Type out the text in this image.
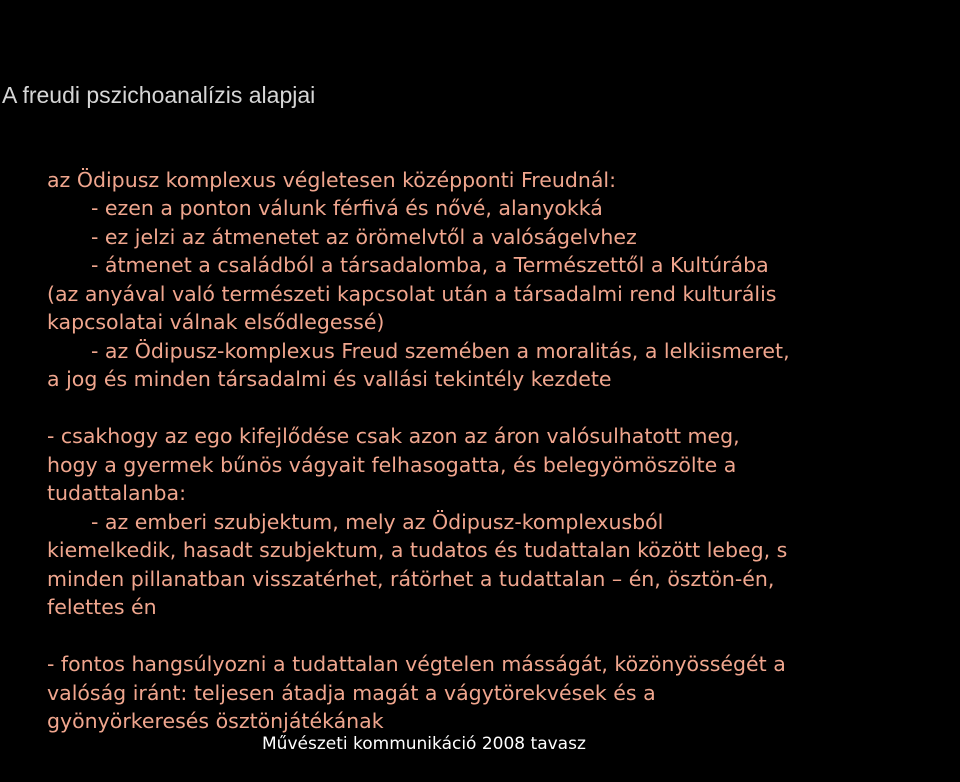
A freudi pszichoanalízis alapjai
az Ödipusz komplexus végletesen középponti Freudnál:
- ezen a ponton válunk férfivá és nővé, alanyokká
- ez jelzi az átmenetet az örömelvtől a valóságelvhez
- átmenet a családból a társadalomba, a Természettől a Kultúrába
(az anyával való természeti kapcsolat után a társadalmi rend kulturális
kapcsolatai válnak elsődlegessé)
- az Ödipusz-komplexus Freud szemében a moralitás, a lelkiismeret,
a jog és minden társadalmi és vallási tekintély kezdete
- csakhogy az ego kifejlődése csak azon az áron valósulhatott meg,
hogy a gyermek bűnös vágyait felhasogatta, és belegyömöszölte a
tudattalanba:
- az emberi szubjektum, mely az Ödipusz-komplexusból
kiemelkedik, hasadt szubjektum, a tudatos és tudattalan között lebeg, s
minden pillanatban visszatérhet, rátörhet a tudattalan – én, ösztön-én,
felettes én
- fontos hangsúlyozni a tudattalan végtelen másságát, közönyösségét a
valóság iránt: teljesen átadja magát a vágytörekvések és a
gyönyörkeresés ösztönjátékának
Művészeti kommunikáció 2008 tavasz
